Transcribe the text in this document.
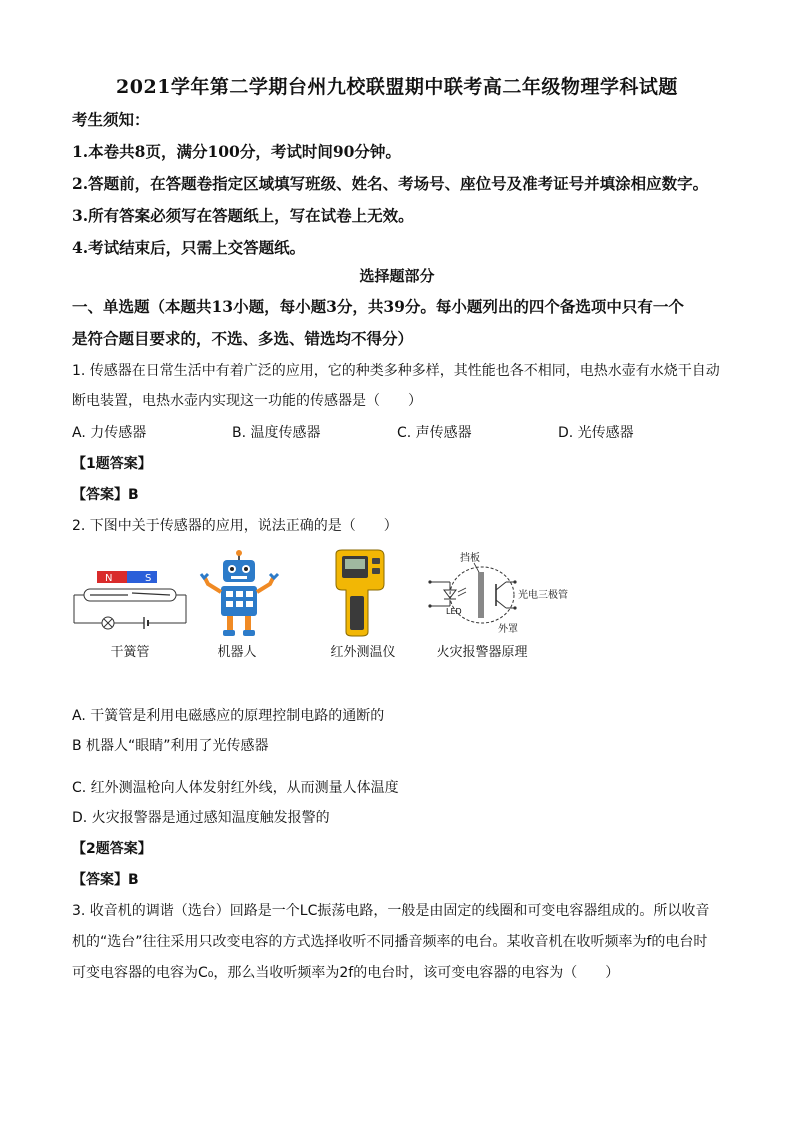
2021学年第二学期台州九校联盟期中联考高二年级物理学科试题
考生须知：
1.本卷共8页，满分100分，考试时间90分钟。
2.答题前，在答题卷指定区域填写班级、姓名、考场号、座位号及准考证号并填涂相应数字。
3.所有答案必须写在答题纸上，写在试卷上无效。
4.考试结束后，只需上交答题纸。
选择题部分
一、单选题（本题共13小题，每小题3分，共39分。每小题列出的四个备选项中只有一个
是符合题目要求的，不选、多选、错选均不得分）
1. 传感器在日常生活中有着广泛的应用，它的种类多种多样，其性能也各不相同，电热水壶有水烧干自动
断电装置，电热水壶内实现这一功能的传感器是（　　）
A. 力传感器	B. 温度传感器	C. 声传感器	D. 光传感器
【1题答案】
【答案】B
2. 下图中关于传感器的应用，说法正确的是（　　）
N	S
干簧管	机器人	红外测温仪
挡板
LED
光电三极管
外罩
火灾报警器原理
A. 干簧管是利用电磁感应的原理控制电路的通断的
B 机器人“眼睛”利用了光传感器
C. 红外测温枪向人体发射红外线，从而测量人体温度
D. 火灾报警器是通过感知温度触发报警的
【2题答案】
【答案】B
3. 收音机的调谐（选台）回路是一个LC振荡电路，一般是由固定的线圈和可变电容器组成的。所以收音
机的“选台”往往采用只改变电容的方式选择收听不同播音频率的电台。某收音机在收听频率为f的电台时
可变电容器的电容为C₀，那么当收听频率为2f的电台时，该可变电容器的电容为（　　）
